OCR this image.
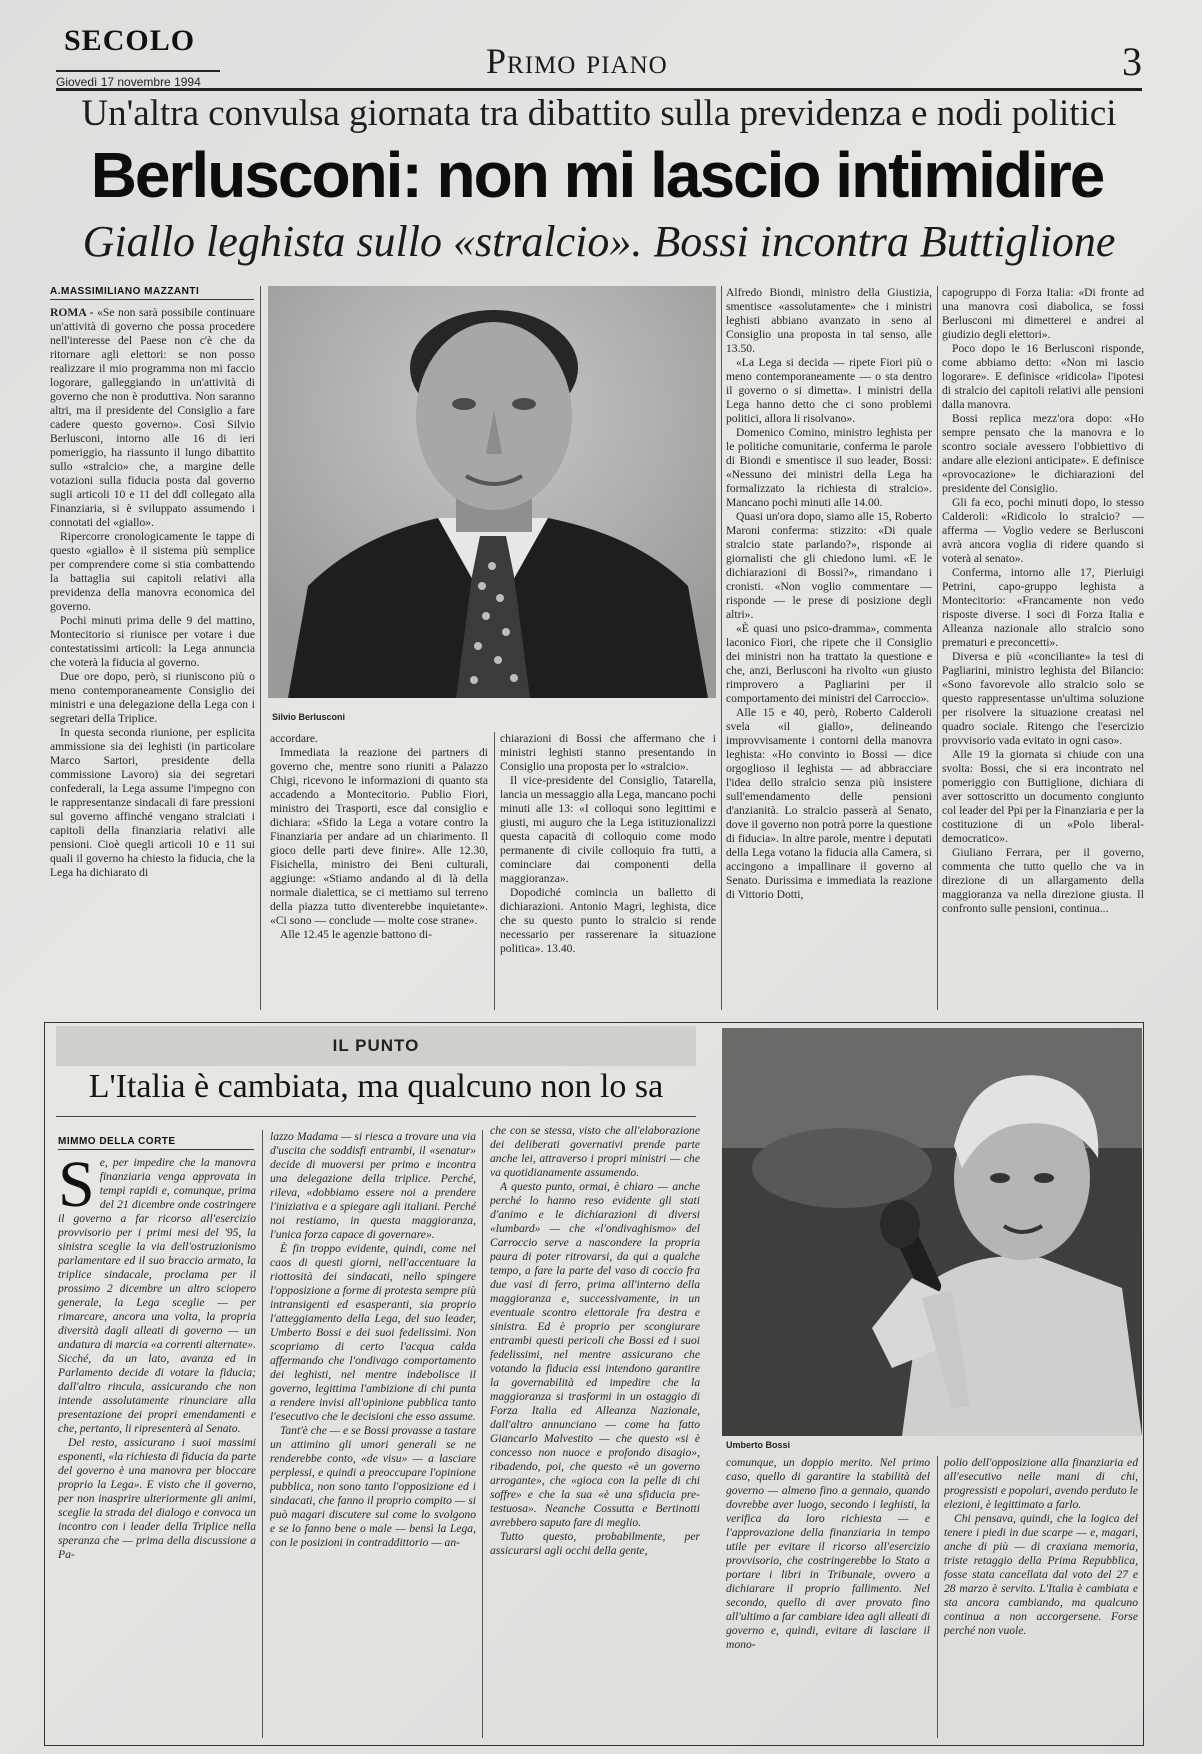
SECOLO
Giovedì 17 novembre 1994
Primo piano	3
Un'altra convulsa giornata tra dibattito sulla previdenza e nodi politici
Berlusconi: non mi lascio intimidire
Giallo leghista sullo «stralcio». Bossi incontra Buttiglione
A.MASSIMILIANO MAZZANTI

ROMA - «Se non sarà possibile continuare un'attività di governo che possa procedere nell'interesse del Paese non c'è che da ritornare agli elettori: se non posso realizzare il mio programma non mi faccio logorare, galleggiando in un'attività di governo che non è produttiva. Non saranno altri, ma il presidente del Consiglio a fare cadere questo governo». Così Silvio Berlusconi, intorno alle 16 di ieri pomeriggio, ha riassunto il lungo dibattito sullo «stralcio» che, a margine delle votazioni sulla fiducia posta dal governo sugli articoli 10 e 11 del ddl collegato alla Finanziaria, si è sviluppato assumendo i connotati del «giallo».

Ripercorre cronologicamente le tappe di questo «giallo» è il sistema più semplice per comprendere come si stia combattendo la battaglia sui capitoli relativi alla previdenza della manovra economica del governo.

Pochi minuti prima delle 9 del mattino, Montecitorio si riunisce per votare i due contestatissimi articoli: la Lega annuncia che voterà la fiducia al governo.

Due ore dopo, però, si riuniscono più o meno contemporaneamente Consiglio dei ministri e una delegazione della Lega con i segretari della Triplice.

In questa seconda riunione, per esplicita ammissione sia dei leghisti (in particolare Marco Sartori, presidente della commissione Lavoro) sia dei segretari confederali, la Lega assume l'impegno con le rappresentanze sindacali di fare pressioni sul governo affinché vengano stralciati i capitoli della finanziaria relativi alle pensioni. Cioè quegli articoli 10 e 11 sui quali il governo ha chiesto la fiducia, che la Lega ha dichiarato di

Silvio Berlusconi

accordare.

Immediata la reazione dei partners di governo che, mentre sono riuniti a Palazzo Chigi, ricevono le informazioni di quanto sta accadendo a Montecitorio. Publio Fiori, ministro dei Trasporti, esce dal consiglio e dichiara: «Sfido la Lega a votare contro la Finanziaria per andare ad un chiarimento. Il gioco delle parti deve finire». Alle 12.30, Fisichella, ministro dei Beni culturali, aggiunge: «Stiamo andando al di là della normale dialettica, se ci mettiamo sul terreno della piazza tutto diventerebbe inquietante». «Ci sono — conclude — molte cose strane».

Alle 12.45 le agenzie battono di-

chiarazioni di Bossi che affermano che i ministri leghisti stanno presentando in Consiglio una proposta per lo «stralcio».

Il vice-presidente del Consiglio, Tatarella, lancia un messaggio alla Lega, mancano pochi minuti alle 13: «I colloqui sono legittimi e giusti, mi auguro che la Lega istituzionalizzi questa capacità di colloquio come modo permanente di civile colloquio fra tutti, a cominciare dai componenti della maggioranza».

Dopodiché comincia un balletto di dichiarazioni. Antonio Magri, leghista, dice che su questo punto lo stralcio si rende necessario per rasserenare la situazione politica». 13.40.

Alfredo Biondi, ministro della Giustizia, smentisce «assolutamente» che i ministri leghisti abbiano avanzato in seno al Consiglio una proposta in tal senso, alle 13.50.

«La Lega si decida — ripete Fiori più o meno contemporaneamente — o sta dentro il governo o si dimetta». I ministri della Lega hanno detto che ci sono problemi politici, allora li risolvano».

Domenico Comino, ministro leghista per le politiche comunitarie, conferma le parole di Biondi e smentisce il suo leader, Bossi: «Nessuno dei ministri della Lega ha formalizzato la richiesta di stralcio». Mancano pochi minuti alle 14.00.

Quasi un'ora dopo, siamo alle 15, Roberto Maroni conferma: stizzito: «Di quale stralcio state parlando?», risponde ai giornalisti che gli chiedono lumi. «E le dichiarazioni di Bossi?», rimandano i cronisti. «Non voglio commentare — risponde — le prese di posizione degli altri».

«È quasi uno psico-dramma», commenta laconico Fiori, che ripete che il Consiglio dei ministri non ha trattato la questione e che, anzi, Berlusconi ha rivolto «un giusto rimprovero a Pagliarini per il comportamento dei ministri del Carroccio».

Alle 15 e 40, però, Roberto Calderoli svela «il giallo», delineando improvvisamente i contorni della manovra leghista: «Ho convinto io Bossi — dice orgoglioso il leghista — ad abbracciare l'idea dello stralcio senza più insistere sull'emendamento delle pensioni d'anzianità. Lo stralcio passerà al Senato, dove il governo non potrà porre la questione di fiducia». In altre parole, mentre i deputati della Lega votano la fiducia alla Camera, si accingono a impallinare il governo al Senato. Durissima e immediata la reazione di Vittorio Dotti,

capogruppo di Forza Italia: «Di fronte ad una manovra così diabolica, se fossi Berlusconi mi dimetterei e andrei al giudizio degli elettori».

Poco dopo le 16 Berlusconi risponde, come abbiamo detto: «Non mi lascio logorare». E definisce «ridicola» l'ipotesi di stralcio dei capitoli relativi alle pensioni dalla manovra.

Bossi replica mezz'ora dopo: «Ho sempre pensato che la manovra e lo scontro sociale avessero l'obbiettivo di andare alle elezioni anticipate». E definisce «provocazione» le dichiarazioni del presidente del Consiglio.

Gli fa eco, pochi minuti dopo, lo stesso Calderoli: «Ridicolo lo stralcio? — afferma — Voglio vedere se Berlusconi avrà ancora voglia di ridere quando si voterà al senato».

Conferma, intorno alle 17, Pierluigi Petrini, capo-gruppo leghista a Montecitorio: «Francamente non vedo risposte diverse. I soci di Forza Italia e Alleanza nazionale allo stralcio sono prematuri e preconcetti».

Diversa e più «conciliante» la tesi di Pagliarini, ministro leghista del Bilancio: «Sono favorevole allo stralcio solo se questo rappresentasse un'ultima soluzione per risolvere la situazione creatasi nel quadro sociale. Ritengo che l'esercizio provvisorio vada evitato in ogni caso».

Alle 19 la giornata si chiude con una svolta: Bossi, che si era incontrato nel pomeriggio con Buttiglione, dichiara di aver sottoscritto un documento congiunto col leader del Ppi per la Finanziaria e per la costituzione di un «Polo liberal-democratico».

Giuliano Ferrara, per il governo, commenta che tutto quello che va in direzione di un allargamento della maggioranza va nella direzione giusta. Il confronto sulle pensioni, continua...

IL PUNTO
L'Italia è cambiata, ma qualcuno non lo sa
MIMMO DELLA CORTE

Se, per impedire che la manovra finanziaria venga approvata in tempi rapidi e, comunque, prima del 21 dicembre onde costringere il governo a far ricorso all'esercizio provvisorio per i primi mesi del '95, la sinistra sceglie la via dell'ostruzionismo parlamentare ed il suo braccio armato, la triplice sindacale, proclama per il prossimo 2 dicembre un altro sciopero generale, la Lega sceglie — per rimarcare, ancora una volta, la propria diversità dagli alleati di governo — un andatura di marcia «a correnti alternate». Sicché, da un lato, avanza ed in Parlamento decide di votare la fiducia; dall'altro rincula, assicurando che non intende assolutamente rinunciare alla presentazione dei propri emendamenti e che, pertanto, li ripresenterà al Senato.

Del resto, assicurano i suoi massimi esponenti, «la richiesta di fiducia da parte del governo è una manovra per bloccare proprio la Lega». E visto che il governo, per non inasprire ulteriormente gli animi, sceglie la strada del dialogo e convoca un incontro con i leader della Triplice nella speranza che — prima della discussione a Pa-

lazzo Madama — si riesca a trovare una via d'uscita che soddisfi entrambi, il «senatur» decide di muoversi per primo e incontra una delegazione della triplice. Perché, rileva, «dobbiamo essere noi a prendere l'iniziativa e a spiegare agli italiani. Perché noi restiamo, in questa maggioranza, l'unica forza capace di governare».

È fin troppo evidente, quindi, come nel caos di questi giorni, nell'accentuare la riottosità dei sindacati, nello spingere l'opposizione a forme di protesta sempre più intransigenti ed esasperanti, sia proprio l'atteggiamento della Lega, del suo leader, Umberto Bossi e dei suoi fedelissimi. Non scopriamo di certo l'acqua calda affermando che l'ondivago comportamento dei leghisti, nel mentre indebolisce il governo, legittima l'ambizione di chi punta a rendere invisi all'opinione pubblica tanto l'esecutivo che le decisioni che esso assume.

Tant'è che — e se Bossi provasse a tastare un attimino gli umori generali se ne renderebbe conto, «de visu» — a lasciare perplessi, e quindi a preoccupare l'opinione pubblica, non sono tanto l'opposizione ed i sindacati, che fanno il proprio compito — si può magari discutere sul come lo svolgono e se lo fanno bene o male — bensì la Lega, con le posizioni in contraddittorio — an-

che con se stessa, visto che all'elaborazione dei deliberati governativi prende parte anche lei, attraverso i propri ministri — che va quotidianamente assumendo.

A questo punto, ormai, è chiaro — anche perché lo hanno reso evidente gli stati d'animo e le dichiarazioni di diversi «lumbard» — che «l'ondivaghismo» del Carroccio serve a nascondere la propria paura di poter ritrovarsi, da qui a qualche tempo, a fare la parte del vaso di coccio fra due vasi di ferro, prima all'interno della maggioranza e, successivamente, in un eventuale scontro elettorale fra destra e sinistra. Ed è proprio per scongiurare entrambi questi pericoli che Bossi ed i suoi fedelissimi, nel mentre assicurano che votando la fiducia essi intendono garantire la governabilità ed impedire che la maggioranza si trasformi in un ostaggio di Forza Italia ed Alleanza Nazionale, dall'altro annunciano — come ha fatto Giancarlo Malvestito — che questo «si è concesso non nuoce e profondo disagio», ribadendo, poi, che questo «è un governo arrogante», che «gioca con la pelle di chi soffre» e che la sua «è una sfiducia pre-testuosa». Neanche Cossutta e Bertinotti avrebbero saputo fare di meglio.

Tutto questo, probabilmente, per assicurarsi agli occhi della gente,

Umberto Bossi

comunque, un doppio merito. Nel primo caso, quello di garantire la stabilità del governo — almeno fino a gennaio, quando dovrebbe aver luogo, secondo i leghisti, la verifica da loro richiesta — e l'approvazione della finanziaria in tempo utile per evitare il ricorso all'esercizio provvisorio, che costringerebbe lo Stato a portare i libri in Tribunale, ovvero a dichiarare il proprio fallimento. Nel secondo, quello di aver provato fino all'ultimo a far cambiare idea agli alleati di governo e, quindi, evitare di lasciare il mono-

polio dell'opposizione alla finanziaria ed all'esecutivo nelle mani di chi, progressisti e popolari, avendo perduto le elezioni, è legittimato a farlo.

Chi pensava, quindi, che la logica del tenere i piedi in due scarpe — e, magari, anche di più — di craxiana memoria, triste retaggio della Prima Repubblica, fosse stata cancellata dal voto del 27 e 28 marzo è servito. L'Italia è cambiata e sta ancora cambiando, ma qualcuno continua a non accorgersene. Forse perché non vuole.
